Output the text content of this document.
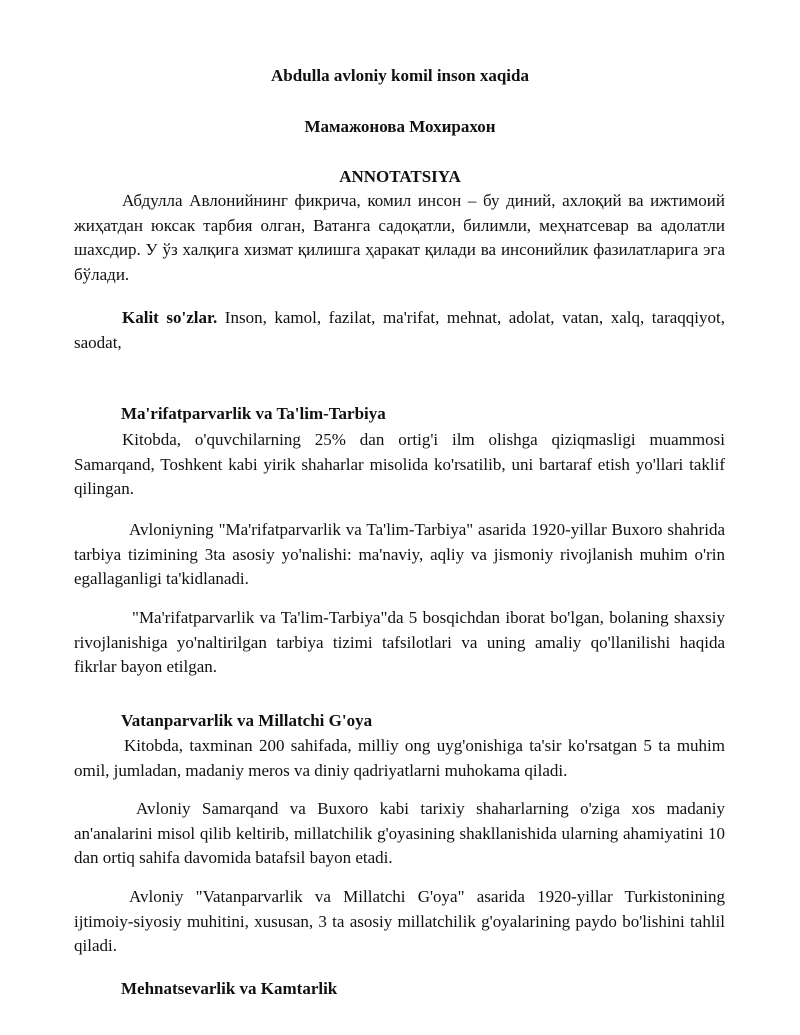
Abdulla avloniy komil inson xaqida
Мамажонова Мохирахон
ANNOTATSIYA
Абдулла Авлонийнинг фикрича, комил инсон – бу диний, ахлоқий ва ижтимоий жиҳатдан юксак тарбия олган, Ватанга садоқатли, билимли, меҳнатсевар ва адолатли шахсдир. У ўз халқига хизмат қилишга ҳаракат қилади ва инсонийлик фазилатларига эга бўлади.
Kalit so'zlar. Inson, kamol, fazilat, ma'rifat, mehnat, adolat, vatan, xalq, taraqqiyot, saodat,
Ma'rifatparvarlik va Ta'lim-Tarbiya
Kitobda, o'quvchilarning 25% dan ortig'i ilm olishga qiziqmasligi muammosi Samarqand, Toshkent kabi yirik shaharlar misolida ko'rsatilib, uni bartaraf etish yo'llari taklif qilingan.
Avloniyning "Ma'rifatparvarlik va Ta'lim-Tarbiya" asarida 1920-yillar Buxoro shahrida tarbiya tizimining 3ta asosiy yo'nalishi: ma'naviy, aqliy va jismoniy rivojlanish muhim o'rin egallaganligi ta'kidlanadi.
"Ma'rifatparvarlik va Ta'lim-Tarbiya"da 5 bosqichdan iborat bo'lgan, bolaning shaxsiy rivojlanishiga yo'naltirilgan tarbiya tizimi tafsilotlari va uning amaliy qo'llanilishi haqida fikrlar bayon etilgan.
Vatanparvarlik va Millatchi G'oya
Kitobda, taxminan 200 sahifada, milliy ong uyg'onishiga ta'sir ko'rsatgan 5 ta muhim omil, jumladan, madaniy meros va diniy qadriyatlarni muhokama qiladi.
Avloniy Samarqand va Buxoro kabi tarixiy shaharlarning o'ziga xos madaniy an'analarini misol qilib keltirib, millatchilik g'oyasining shakllanishida ularning ahamiyatini 10 dan ortiq sahifa davomida batafsil bayon etadi.
Avloniy "Vatanparvarlik va Millatchi G'oya" asarida 1920-yillar Turkistonining ijtimoiy-siyosiy muhitini, xususan, 3 ta asosiy millatchilik g'oyalarining paydo bo'lishini tahlil qiladi.
Mehnatsevarlik va Kamtarlik
